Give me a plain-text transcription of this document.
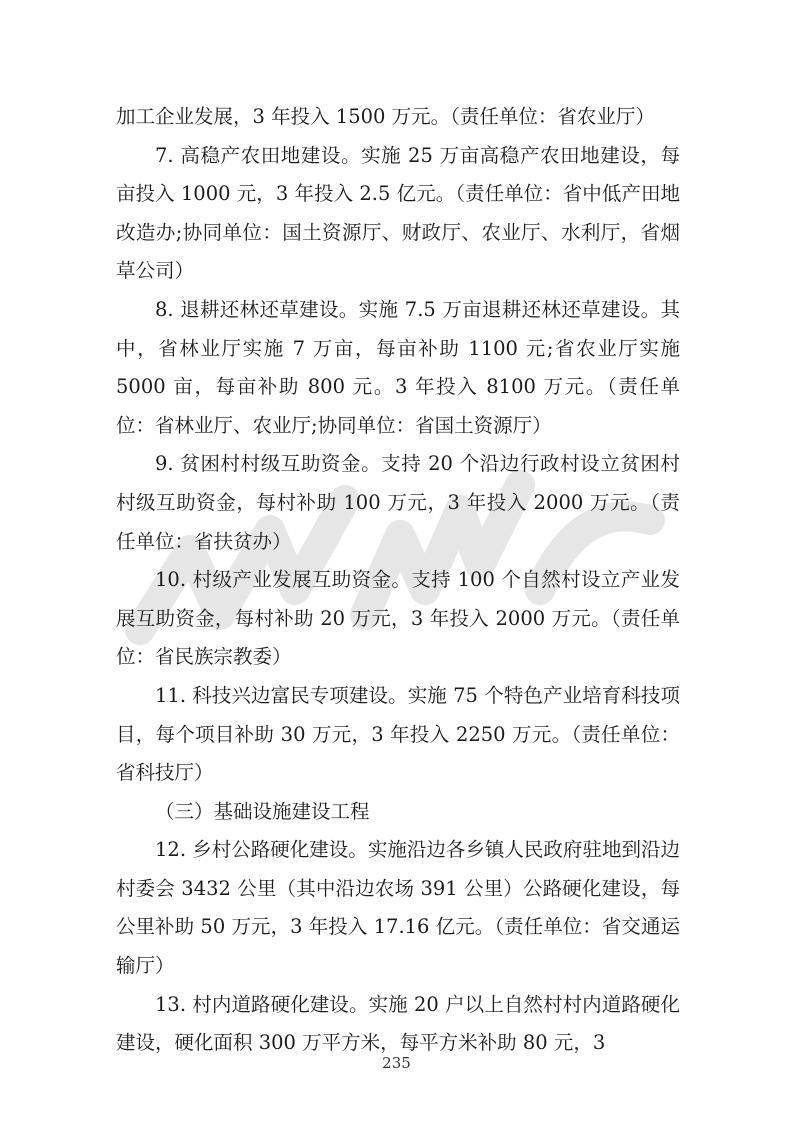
加工企业发展，3 年投入 1500 万元。（责任单位：省农业厅）

7. 高稳产农田地建设。实施 25 万亩高稳产农田地建设，每亩投入 1000 元，3 年投入 2.5 亿元。（责任单位：省中低产田地改造办;协同单位：国土资源厅、财政厅、农业厅、水利厅，省烟草公司）

8. 退耕还林还草建设。实施 7.5 万亩退耕还林还草建设。其中，省林业厅实施 7 万亩，每亩补助 1100 元;省农业厅实施 5000 亩，每亩补助 800 元。3 年投入 8100 万元。（责任单位：省林业厅、农业厅;协同单位：省国土资源厅）

9. 贫困村村级互助资金。支持 20 个沿边行政村设立贫困村村级互助资金，每村补助 100 万元，3 年投入 2000 万元。（责任单位：省扶贫办）

10. 村级产业发展互助资金。支持 100 个自然村设立产业发展互助资金，每村补助 20 万元，3 年投入 2000 万元。（责任单位：省民族宗教委）

11. 科技兴边富民专项建设。实施 75 个特色产业培育科技项目，每个项目补助 30 万元，3 年投入 2250 万元。（责任单位：省科技厅）

（三）基础设施建设工程

12. 乡村公路硬化建设。实施沿边各乡镇人民政府驻地到沿边村委会 3432 公里（其中沿边农场 391 公里）公路硬化建设，每公里补助 50 万元，3 年投入 17.16 亿元。（责任单位：省交通运输厅）

13. 村内道路硬化建设。实施 20 户以上自然村村内道路硬化建设，硬化面积 300 万平方米，每平方米补助 80 元，3

235
